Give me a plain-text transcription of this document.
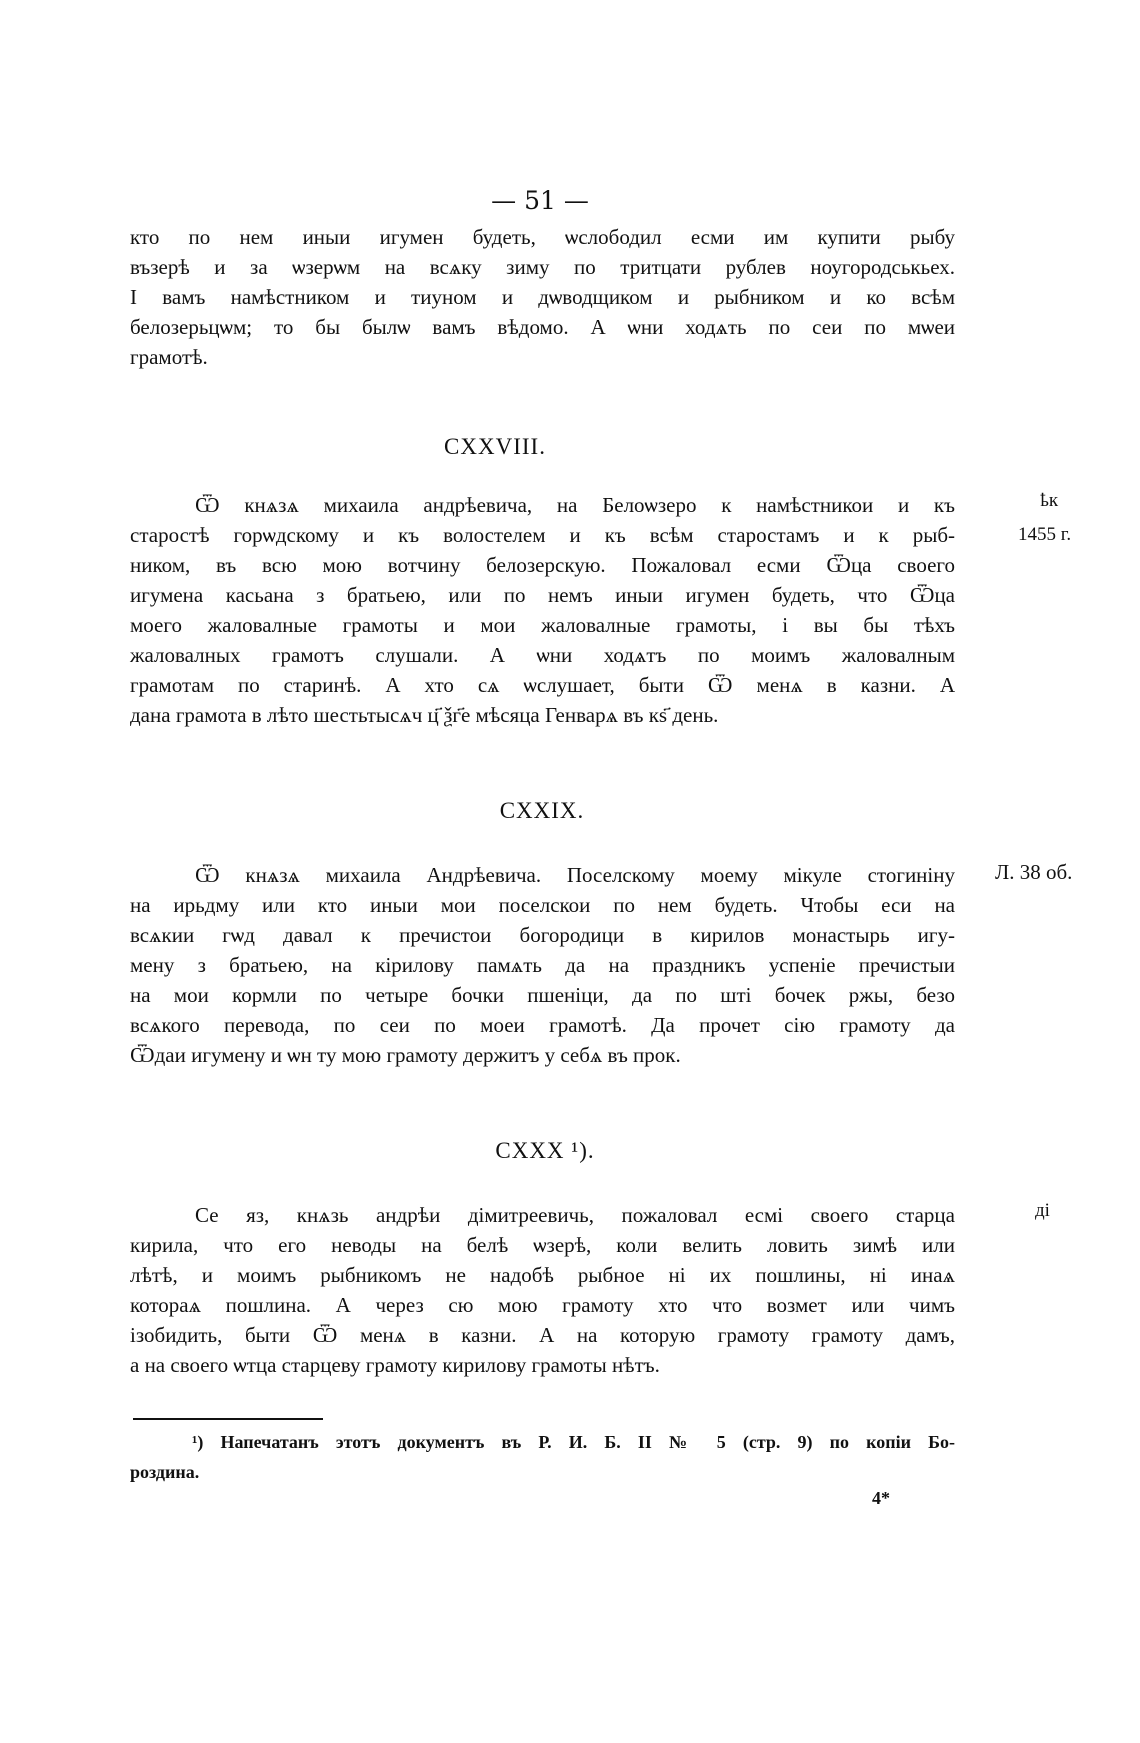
— 51 —
кто по нем иныи игумен будеть, ѡслободил есми им купити рыбу
възерѣ и за ѡзерѡм на всѧку зиму по тритцати рублев ноугородськьех.
І вамъ намѣстником и тиуном и дѡводщиком и рыбником и ко всѣм
белозерьцѡм; то бы былѡ вамъ вѣдомо. А ѡни ходѧть по сеи по мѡеи
грамотѣ.
CXXVIII.
ҍк
1455 г.
Ѿ кнѧзѧ михаила андрѣевича, на Белоѡзеро к намѣстникои и къ
старостѣ горѡдскому и къ волостелем и къ всѣм старостамъ и к рыб-
ником, въ всю мою вотчину белозерскую. Пожаловал есми Ѿца своего
игумена касьана з братьею, или по немъ иныи игумен будеть, что Ѿца
моего жаловалные грамоты и мои жаловалные грамоты, і вы бы тѣхъ
жаловалных грамотъ слушали. А ѡни ходѧтъ по моимъ жаловалным
грамотам по старинѣ. А хто сѧ ѡслушает, быти Ѿ менѧ в казни. А
дана грамота в лѣто шестьтысѧч ц҃ ѯг҃е мѣсяца Генварѧ въ кѕ҃ день.
CXXIX.
Л. 38 об.
Ѿ кнѧзѧ михаила Андрѣевича. Поселскому моему мікуле стогиніну
на ирьдму или кто иныи мои поселскои по нем будеть. Чтобы еси на
всѧкии гѡд давал к пречистои богородици в кирилов монастырь игу-
мену з братьею, на кірилову памѧть да на праздникъ успеніе пречистыи
на мои кормли по четыре бочки пшеніци, да по шті бочек ржы, безо
всѧкого перевода, по сеи по моеи грамотѣ. Да прочет сію грамоту да
Ѿдаи игумену и ѡн ту мою грамоту держитъ у себѧ въ прок.
CXXX ¹).
ді
Се яз, кнѧзь андрѣи дімитреевичь, пожаловал есмі своего старца
кирила, что его неводы на белѣ ѡзерѣ, коли велить ловить зимѣ или
лѣтѣ, и моимъ рыбникомъ не надобѣ рыбное ні их пошлины, ні инаѧ
котораѧ пошлина. А через сю мою грамоту хто что возмет или чимъ
ізобидить, быти Ѿ менѧ в казни. А на которую грамоту грамоту дамъ,
а на своего ѡтца старцеву грамоту кирилову грамоты нѣтъ.
¹) Напечатанъ этотъ документъ въ Р. И. Б. II № 5 (стр. 9) по копіи Бо-
роздина.
4*
